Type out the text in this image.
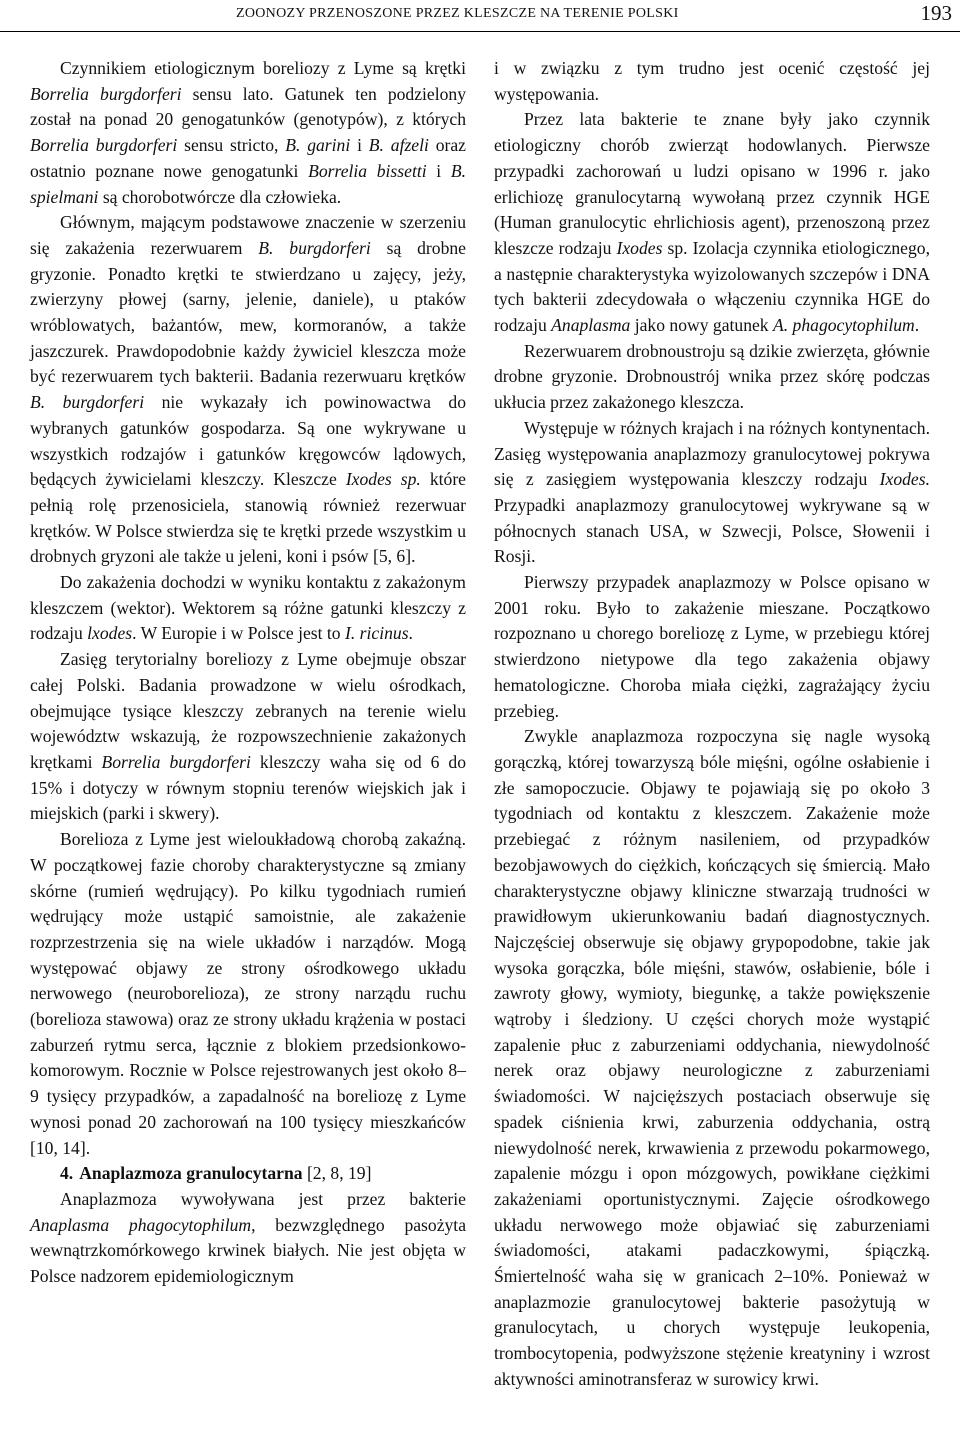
ZOONOZY PRZENOSZONE PRZEZ KLESZCZE NA TERENIE POLSKI	193

Czynnikiem etiologicznym boreliozy z Lyme są krętki Borrelia burgdorferi sensu lato. Gatunek ten podzielony został na ponad 20 genogatunków (genotypów), z których Borrelia burgdorferi sensu stricto, B. garini i B. afzeli oraz ostatnio poznane nowe genogatunki Borrelia bissetti i B. spielmani są chorobotwórcze dla człowieka.

Głównym, mającym podstawowe znaczenie w szerzeniu się zakażenia rezerwuarem B. burgdorferi są drobne gryzonie. Ponadto krętki te stwierdzano u zajęcy, jeży, zwierzyny płowej (sarny, jelenie, daniele), u ptaków wróblowatych, bażantów, mew, kormoranów, a także jaszczurek. Prawdopodobnie każdy żywiciel kleszcza może być rezerwuarem tych bakterii. Badania rezerwuaru krętków B. burgdorferi nie wykazały ich powinowactwa do wybranych gatunków gospodarza. Są one wykrywane u wszystkich rodzajów i gatunków kręgowców lądowych, będących żywicielami kleszczy. Kleszcze Ixodes sp. które pełnią rolę przenosiciela, stanowią również rezerwuar krętków. W Polsce stwierdza się te krętki przede wszystkim u drobnych gryzoni ale także u jeleni, koni i psów [5, 6].

Do zakażenia dochodzi w wyniku kontaktu z zakażonym kleszczem (wektor). Wektorem są różne gatunki kleszczy z rodzaju lxodes. W Europie i w Polsce jest to I. ricinus.

Zasięg terytorialny boreliozy z Lyme obejmuje obszar całej Polski. Badania prowadzone w wielu ośrodkach, obejmujące tysiące kleszczy zebranych na terenie wielu województw wskazują, że rozpowszechnienie zakażonych krętkami Borrelia burgdorferi kleszczy waha się od 6 do 15% i dotyczy w równym stopniu terenów wiejskich jak i miejskich (parki i skwery).

Borelioza z Lyme jest wieloukładową chorobą zakaźną. W początkowej fazie choroby charakterystyczne są zmiany skórne (rumień wędrujący). Po kilku tygodniach rumień wędrujący może ustąpić samoistnie, ale zakażenie rozprzestrzenia się na wiele układów i narządów. Mogą występować objawy ze strony ośrodkowego układu nerwowego (neuroborelioza), ze strony narządu ruchu (borelioza stawowa) oraz ze strony układu krążenia w postaci zaburzeń rytmu serca, łącznie z blokiem przedsionkowo-komorowym. Rocznie w Polsce rejestrowanych jest około 8–9 tysięcy przypadków, a zapadalność na boreliozę z Lyme wynosi ponad 20 zachorowań na 100 tysięcy mieszkańców [10, 14].

4. Anaplazmoza granulocytarna [2, 8, 19]

Anaplazmoza wywoływana jest przez bakterie Anaplasma phagocytophilum, bezwzględnego pasożyta wewnątrzkomórkowego krwinek białych. Nie jest objęta w Polsce nadzorem epidemiologicznym

i w związku z tym trudno jest ocenić częstość jej występowania.

Przez lata bakterie te znane były jako czynnik etiologiczny chorób zwierząt hodowlanych. Pierwsze przypadki zachorowań u ludzi opisano w 1996 r. jako erlichiozę granulocytarną wywołaną przez czynnik HGE (Human granulocytic ehrlichiosis agent), przenoszoną przez kleszcze rodzaju Ixodes sp. Izolacja czynnika etiologicznego, a następnie charakterystyka wyizolowanych szczepów i DNA tych bakterii zdecydowała o włączeniu czynnika HGE do rodzaju Anaplasma jako nowy gatunek A. phagocytophilum.

Rezerwuarem drobnoustroju są dzikie zwierzęta, głównie drobne gryzonie. Drobnoustrój wnika przez skórę podczas ukłucia przez zakażonego kleszcza.

Występuje w różnych krajach i na różnych kontynentach. Zasięg występowania anaplazmozy granulocytowej pokrywa się z zasięgiem występowania kleszczy rodzaju Ixodes. Przypadki anaplazmozy granulocytowej wykrywane są w północnych stanach USA, w Szwecji, Polsce, Słowenii i Rosji.

Pierwszy przypadek anaplazmozy w Polsce opisano w 2001 roku. Było to zakażenie mieszane. Początkowo rozpoznano u chorego boreliozę z Lyme, w przebiegu której stwierdzono nietypowe dla tego zakażenia objawy hematologiczne. Choroba miała ciężki, zagrażający życiu przebieg.

Zwykle anaplazmoza rozpoczyna się nagle wysoką gorączką, której towarzyszą bóle mięśni, ogólne osłabienie i złe samopoczucie. Objawy te pojawiają się po około 3 tygodniach od kontaktu z kleszczem. Zakażenie może przebiegać z różnym nasileniem, od przypadków bezobjawowych do ciężkich, kończących się śmiercią. Mało charakterystyczne objawy kliniczne stwarzają trudności w prawidłowym ukierunkowaniu badań diagnostycznych. Najczęściej obserwuje się objawy grypopodobne, takie jak wysoka gorączka, bóle mięśni, stawów, osłabienie, bóle i zawroty głowy, wymioty, biegunkę, a także powiększenie wątroby i śledziony. U części chorych może wystąpić zapalenie płuc z zaburzeniami oddychania, niewydolność nerek oraz objawy neurologiczne z zaburzeniami świadomości. W najcięższych postaciach obserwuje się spadek ciśnienia krwi, zaburzenia oddychania, ostrą niewydolność nerek, krwawienia z przewodu pokarmowego, zapalenie mózgu i opon mózgowych, powikłane ciężkimi zakażeniami oportunistycznymi. Zajęcie ośrodkowego układu nerwowego może objawiać się zaburzeniami świadomości, atakami padaczkowymi, śpiączką. Śmiertelność waha się w granicach 2–10%. Ponieważ w anaplazmozie granulocytowej bakterie pasożytują w granulocytach, u chorych występuje leukopenia, trombocytopenia, podwyższone stężenie kreatyniny i wzrost aktywności aminotransferaz w surowicy krwi.
